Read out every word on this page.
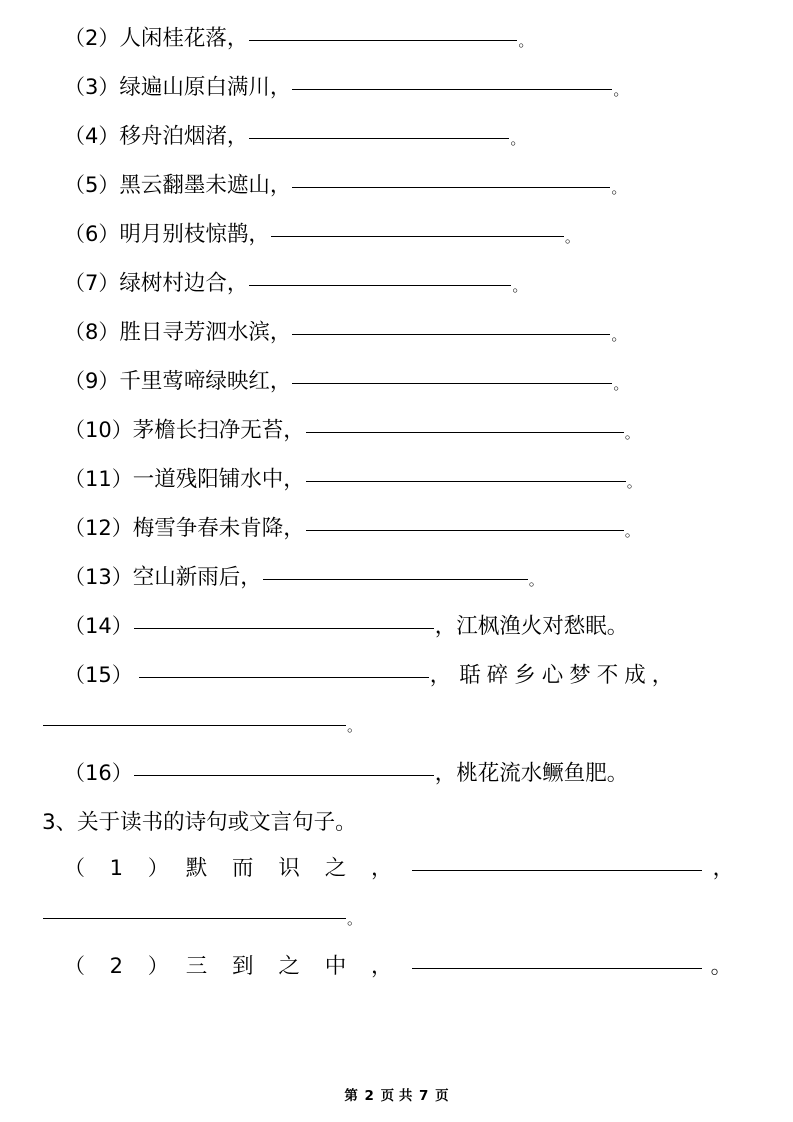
（2） 人闲桂花落，	。
（3） 绿遍山原白满川，	。
（4） 移舟泊烟渚，	。
（5） 黑云翻墨未遮山，	。
（6） 明月别枝惊鹊，	。
（7） 绿树村边合，	。
（8） 胜日寻芳泗水滨，	。
（9） 千里莺啼绿映红，	。
（10） 茅檐长扫净无苔，	。
（11） 一道残阳铺水中，	。
（12） 梅雪争春未肯降，	。
（13） 空山新雨后，	。
（14）	， 江枫渔火对愁眠。
（15）	， 聒碎乡心梦不成，
。
（16）	， 桃花流水鳜鱼肥。
3、关于读书的诗句或文言句子。
（ 1 ） 默 而 识 之 ，	，
。
（ 2 ） 三 到 之 中 ，	。
第 2 页 共 7 页
